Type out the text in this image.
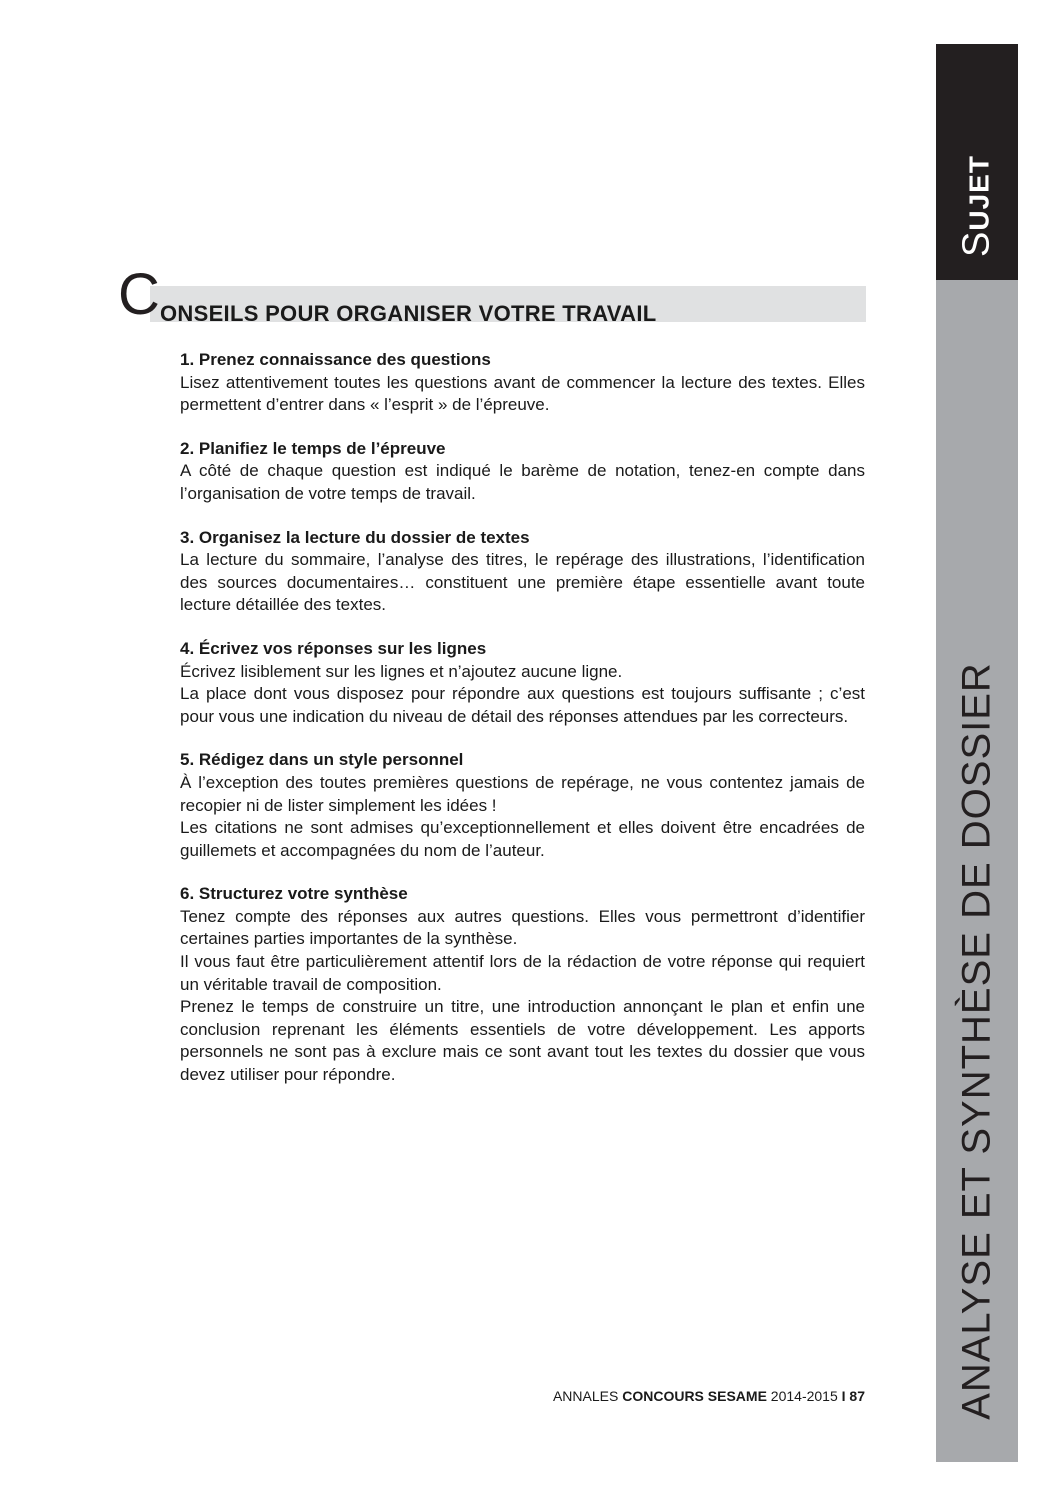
SUJET
ANALYSE ET SYNTHÈSE DE DOSSIER
C ONSEILS POUR ORGANISER VOTRE TRAVAIL
1. Prenez connaissance des questions

Lisez attentivement toutes les questions avant de commencer la lecture des textes. Elles permettent d’entrer dans « l’esprit » de l’épreuve.

2. Planifiez le temps de l’épreuve

A côté de chaque question est indiqué le barème de notation, tenez-en compte dans l’organisation de votre temps de travail.

3. Organisez la lecture du dossier de textes

La lecture du sommaire, l’analyse des titres, le repérage des illustrations, l’identification des sources documentaires… constituent une première étape essentielle avant toute lecture détaillée des textes.

4. Écrivez vos réponses sur les lignes

Écrivez lisiblement sur les lignes et n’ajoutez aucune ligne.

La place dont vous disposez pour répondre aux questions est toujours suffisante ; c’est pour vous une indication du niveau de détail des réponses attendues par les correcteurs.

5. Rédigez dans un style personnel

À l’exception des toutes premières questions de repérage, ne vous contentez jamais de recopier ni de lister simplement les idées !

Les citations ne sont admises qu’exceptionnellement et elles doivent être encadrées de guillemets et accompagnées du nom de l’auteur.

6. Structurez votre synthèse

Tenez compte des réponses aux autres questions. Elles vous permettront d’identifier certaines parties importantes de la synthèse.

Il vous faut être particulièrement attentif lors de la rédaction de votre réponse qui requiert un véritable travail de composition.

Prenez le temps de construire un titre, une introduction annonçant le plan et enfin une conclusion reprenant les éléments essentiels de votre développement. Les apports personnels ne sont pas à exclure mais ce sont avant tout les textes du dossier que vous devez utiliser pour répondre.

ANNALES CONCOURS SESAME 2014-2015 I 87
